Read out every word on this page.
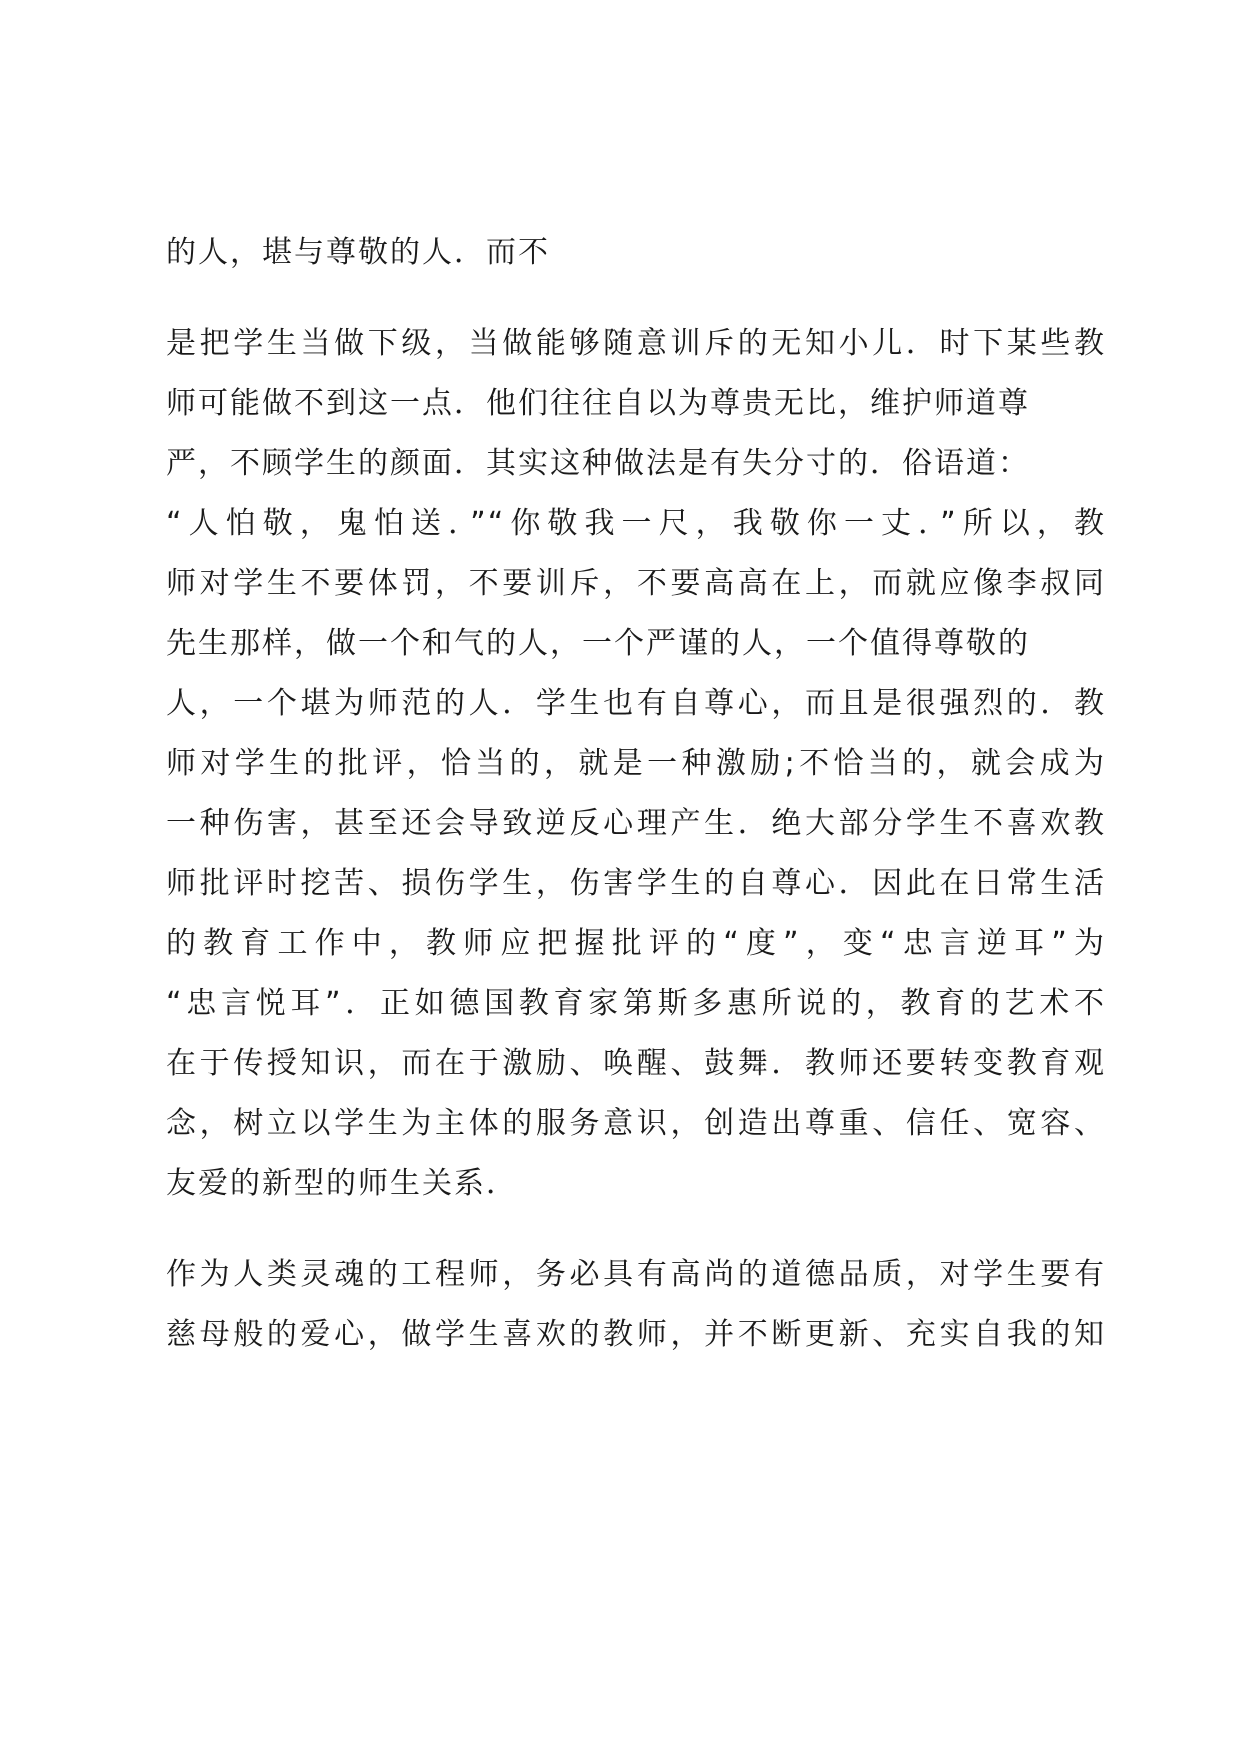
的人，堪与尊敬的人．而不

是把学生当做下级，当做能够随意训斥的无知小儿．时下某些教

师可能做不到这一点．他们往往自以为尊贵无比，维护师道尊

严，不顾学生的颜面．其实这种做法是有失分寸的．俗语道：

“人怕敬，鬼怕送．”“你敬我一尺，我敬你一丈．”所以，教

师对学生不要体罚，不要训斥，不要高高在上，而就应像李叔同

先生那样，做一个和气的人，一个严谨的人，一个值得尊敬的

人，一个堪为师范的人．学生也有自尊心，而且是很强烈的．教

师对学生的批评，恰当的，就是一种激励;不恰当的，就会成为

一种伤害，甚至还会导致逆反心理产生．绝大部分学生不喜欢教

师批评时挖苦、损伤学生，伤害学生的自尊心．因此在日常生活

的教育工作中，教师应把握批评的“度”，变“忠言逆耳”为

“忠言悦耳”．正如德国教育家第斯多惠所说的，教育的艺术不

在于传授知识，而在于激励、唤醒、鼓舞．教师还要转变教育观

念，树立以学生为主体的服务意识，创造出尊重、信任、宽容、

友爱的新型的师生关系．

作为人类灵魂的工程师，务必具有高尚的道德品质，对学生要有

慈母般的爱心，做学生喜欢的教师，并不断更新、充实自我的知
